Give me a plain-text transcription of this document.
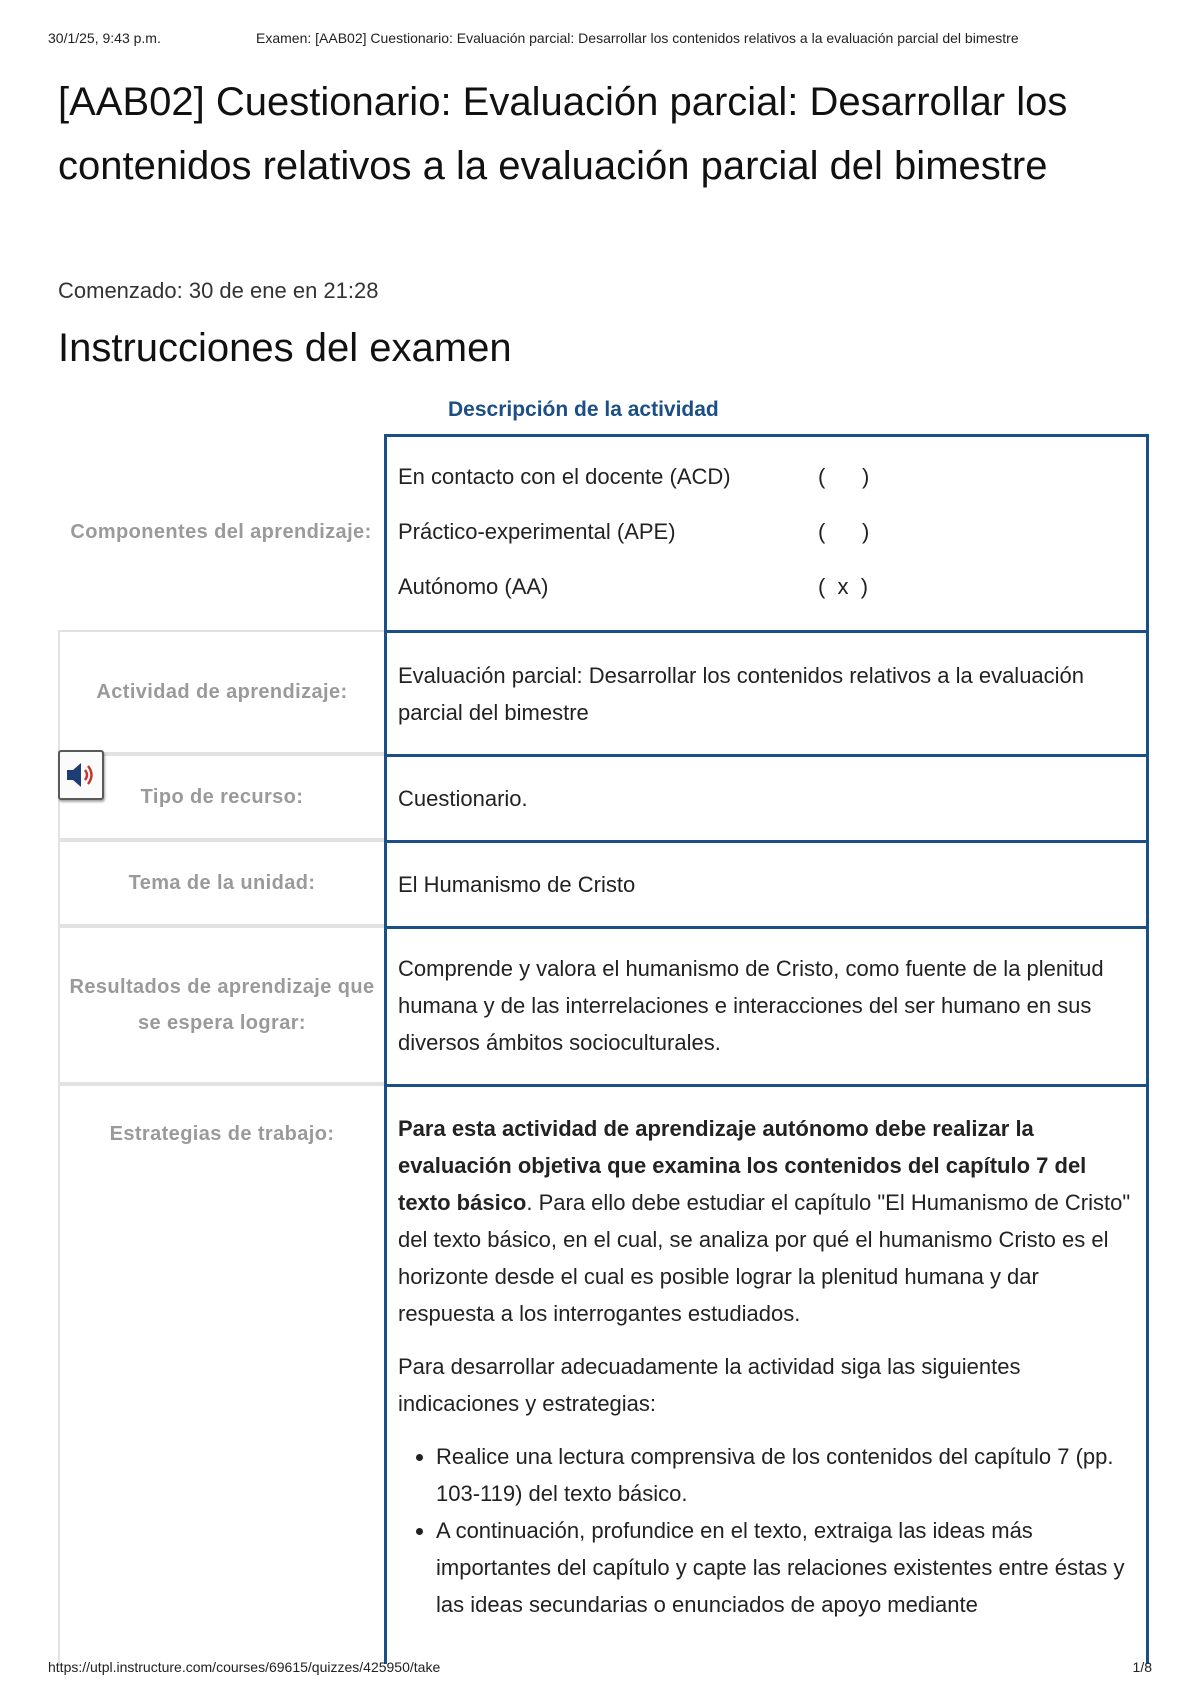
30/1/25, 9:43 p.m.	Examen: [AAB02] Cuestionario: Evaluación parcial: Desarrollar los contenidos relativos a la evaluación parcial del bimestre
[AAB02] Cuestionario: Evaluación parcial: Desarrollar los contenidos relativos a la evaluación parcial del bimestre
Comenzado: 30 de ene en 21:28
Instrucciones del examen
Descripción de la actividad
Componentes del aprendizaje:
En contacto con el docente (ACD)	(      )
Práctico-experimental (APE)	(      )
Autónomo (AA)	(  x  )
Actividad de aprendizaje:
Evaluación parcial: Desarrollar los contenidos relativos a la evaluación parcial del bimestre
Tipo de recurso:	Cuestionario.
Tema de la unidad:	El Humanismo de Cristo
Resultados de aprendizaje que se espera lograr:
Comprende y valora el humanismo de Cristo, como fuente de la plenitud humana y de las interrelaciones e interacciones del ser humano en sus diversos ámbitos socioculturales.
Estrategias de trabajo:	Para esta actividad de aprendizaje autónomo debe realizar la evaluación objetiva que examina los contenidos del capítulo 7 del texto básico. Para ello debe estudiar el capítulo "El Humanismo de Cristo" del texto básico, en el cual, se analiza por qué el humanismo Cristo es el horizonte desde el cual es posible lograr la plenitud humana y dar respuesta a los interrogantes estudiados.

Para desarrollar adecuadamente la actividad siga las siguientes indicaciones y estrategias:

• Realice una lectura comprensiva de los contenidos del capítulo 7 (pp. 103-119) del texto básico.
• A continuación, profundice en el texto, extraiga las ideas más importantes del capítulo y capte las relaciones existentes entre éstas y las ideas secundarias o enunciados de apoyo mediante
https://utpl.instructure.com/courses/69615/quizzes/425950/take	1/8
